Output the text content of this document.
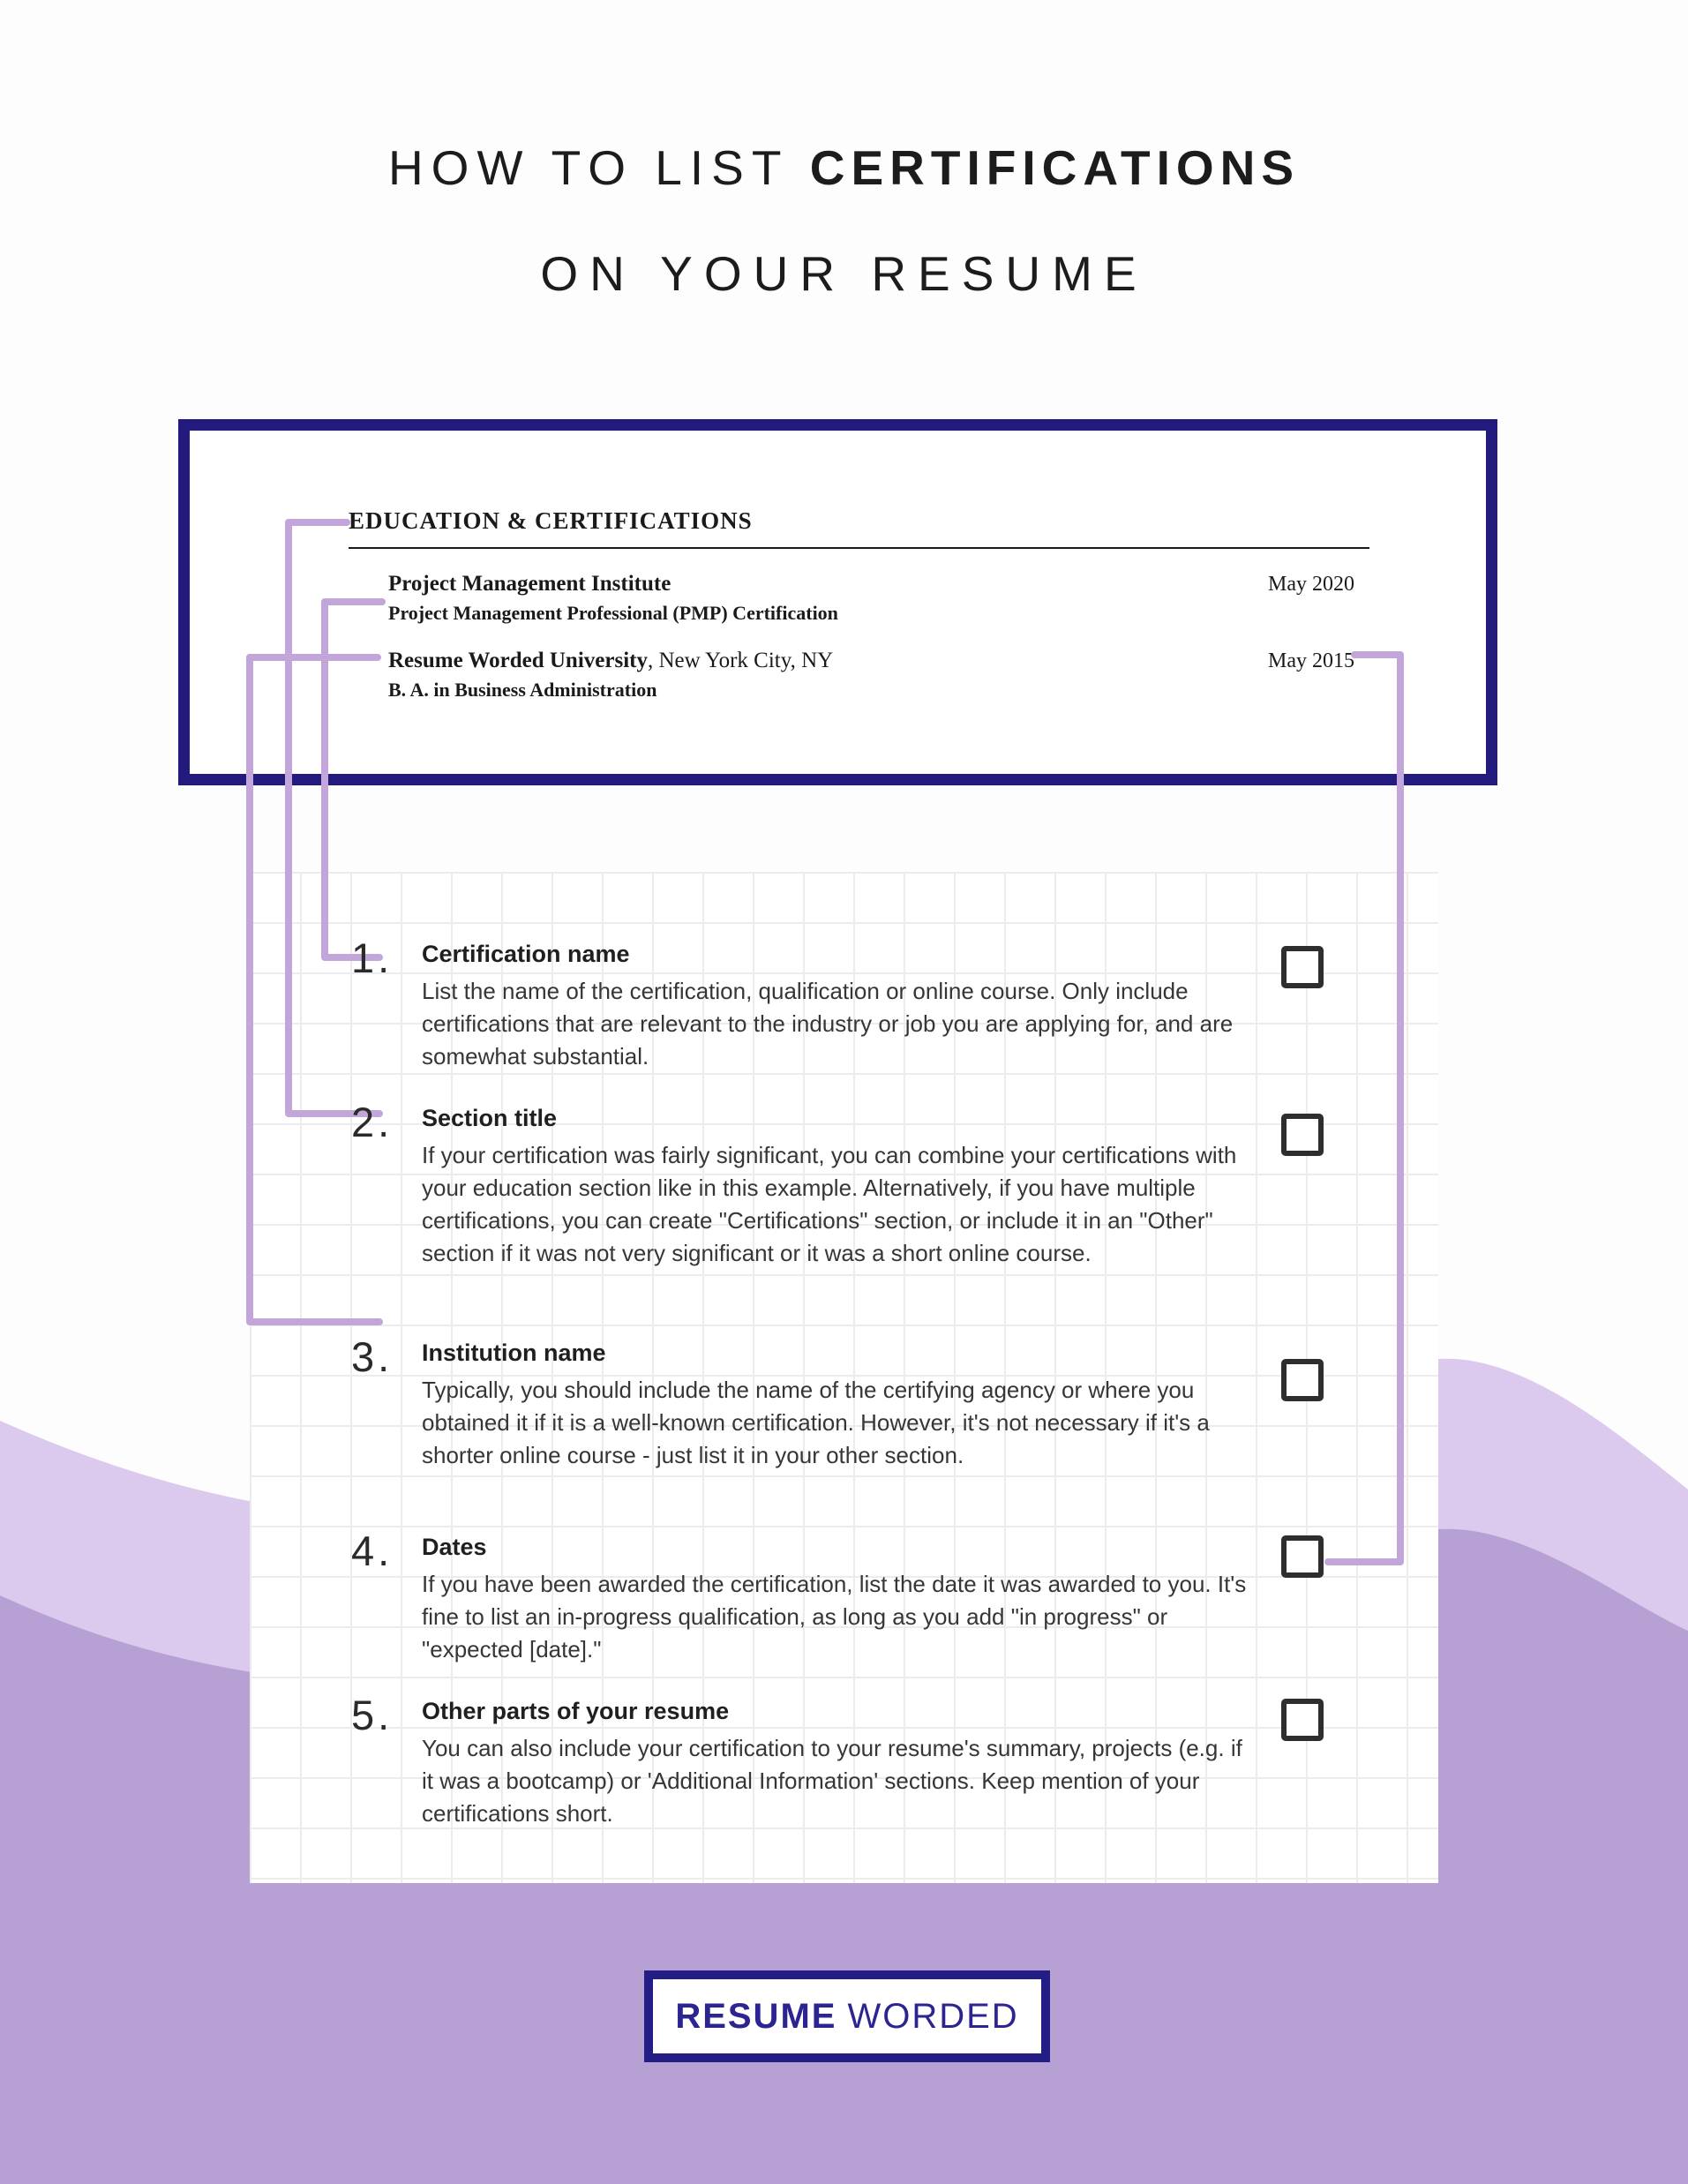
HOW TO LIST CERTIFICATIONS
ON YOUR RESUME
EDUCATION & CERTIFICATIONS
Project Management Institute	May 2020
Project Management Professional (PMP) Certification
Resume Worded University, New York City, NY	May 2015
B. A. in Business Administration
1.	Certification name
List the name of the certification, qualification or online course. Only include certifications that are relevant to the industry or job you are applying for, and are somewhat substantial.
2.	Section title
If your certification was fairly significant, you can combine your certifications with your education section like in this example. Alternatively, if you have multiple certifications, you can create "Certifications" section, or include it in an "Other" section if it was not very significant or it was a short online course.
3.	Institution name
Typically, you should include the name of the certifying agency or where you obtained it if it is a well-known certification. However, it's not necessary if it's a shorter online course - just list it in your other section.
4.	Dates
If you have been awarded the certification, list the date it was awarded to you. It's fine to list an in-progress qualification, as long as you add "in progress" or "expected [date]."
5.	Other parts of your resume
You can also include your certification to your resume's summary, projects (e.g. if it was a bootcamp) or 'Additional Information' sections. Keep mention of your certifications short.
RESUME WORDED
